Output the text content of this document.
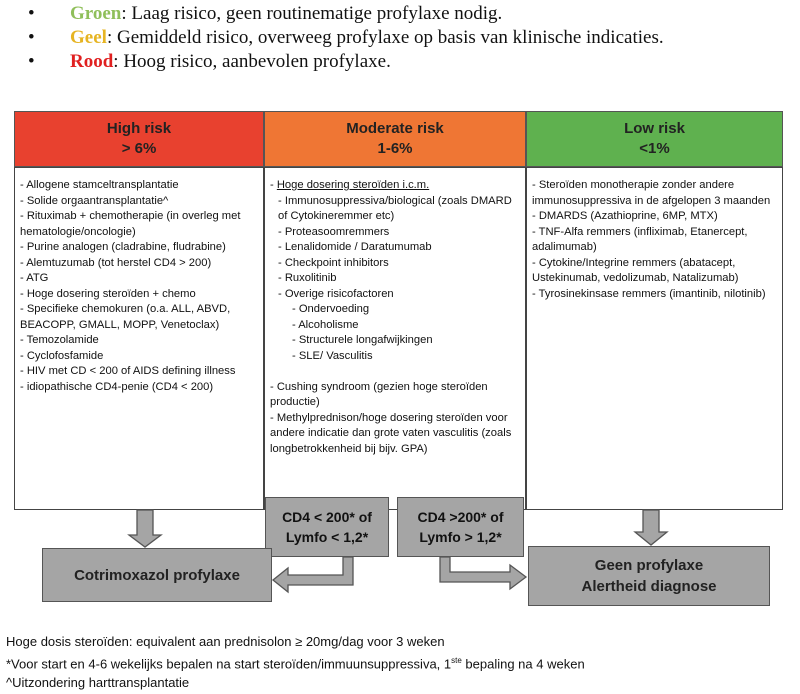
• Groen: Laag risico, geen routinematige profylaxe nodig.
• Geel: Gemiddeld risico, overweeg profylaxe op basis van klinische indicaties.
• Rood: Hoog risico, aanbevolen profylaxe.
High risk
> 6%
Moderate risk
1-6%
Low risk
<1%
- Allogene stamceltransplantatie
- Solide orgaantransplantatie^
- Rituximab + chemotherapie (in overleg met hematologie/oncologie)
- Purine analogen (cladrabine, fludrabine)
- Alemtuzumab (tot herstel CD4 > 200)
- ATG
- Hoge dosering steroïden + chemo
- Specifieke chemokuren (o.a. ALL, ABVD, BEACOPP, GMALL, MOPP, Venetoclax)
- Temozolamide
- Cyclofosfamide
- HIV met CD < 200 of AIDS defining illness
- idiopathische CD4-penie (CD4 < 200)
- Hoge dosering steroïden i.c.m.
- Immunosuppressiva/biological (zoals DMARD of Cytokineremmer etc)
- Proteasoomremmers
- Lenalidomide / Daratumumab
- Checkpoint inhibitors
- Ruxolitinib
- Overige risicofactoren
- Ondervoeding
- Alcoholisme
- Structurele longafwijkingen
- SLE/ Vasculitis
- Cushing syndroom (gezien hoge steroïden productie)
- Methylprednison/hoge dosering steroïden voor andere indicatie dan grote vaten vasculitis (zoals longbetrokkenheid bij bijv. GPA)
- Steroïden monotherapie zonder andere immunosuppressiva in de afgelopen 3 maanden
- DMARDS (Azathioprine, 6MP, MTX)
- TNF-Alfa remmers (infliximab, Etanercept, adalimumab)
- Cytokine/Integrine remmers (abatacept, Ustekinumab, vedolizumab, Natalizumab)
- Tyrosinekinsase remmers (imantinib, nilotinib)
CD4 < 200* of
Lymfo < 1,2*
CD4 >200* of
Lymfo > 1,2*
Cotrimoxazol profylaxe
Geen profylaxe
Alertheid diagnose
Hoge dosis steroïden: equivalent aan prednisolon ≥ 20mg/dag voor 3 weken
*Voor start en 4-6 wekelijks bepalen na start steroïden/immuunsuppressiva, 1ste bepaling na 4 weken
^Uitzondering harttransplantatie
